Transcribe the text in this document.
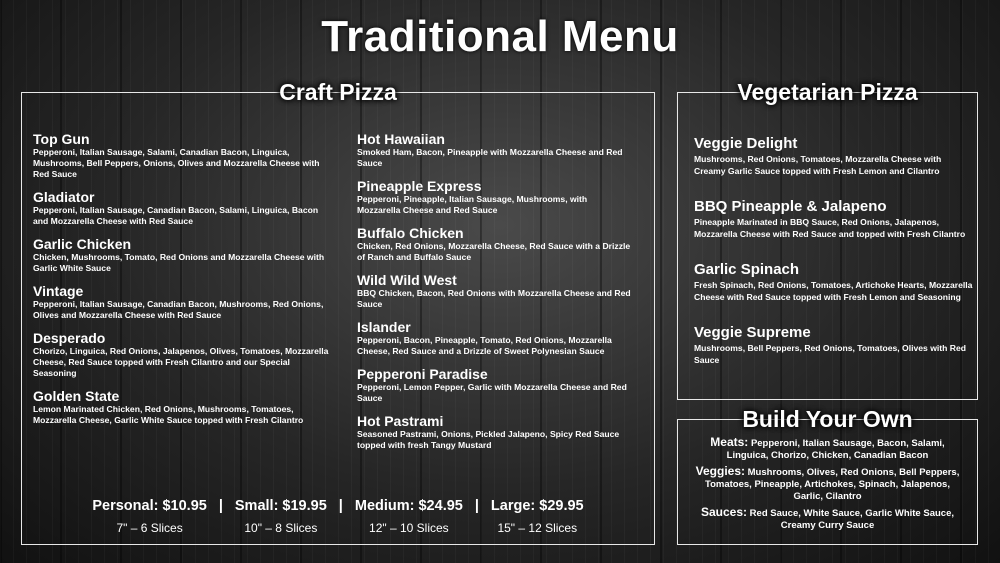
Traditional Menu
Craft Pizza
Top Gun
Pepperoni, Italian Sausage, Salami, Canadian Bacon, Linguica, Mushrooms, Bell Peppers, Onions, Olives and Mozzarella Cheese with Red Sauce
Gladiator
Pepperoni, Italian Sausage, Canadian Bacon, Salami, Linguica, Bacon and Mozzarella Cheese with Red Sauce
Garlic Chicken
Chicken, Mushrooms, Tomato, Red Onions and Mozzarella Cheese with Garlic White Sauce
Vintage
Pepperoni, Italian Sausage, Canadian Bacon, Mushrooms, Red Onions, Olives and Mozzarella Cheese with Red Sauce
Desperado
Chorizo, Linguica, Red Onions, Jalapenos, Olives, Tomatoes, Mozzarella Cheese, Red Sauce topped with Fresh Cilantro and our Special Seasoning
Golden State
Lemon Marinated Chicken, Red Onions, Mushrooms, Tomatoes, Mozzarella Cheese, Garlic White Sauce topped with Fresh Cilantro
Hot Hawaiian
Smoked Ham, Bacon, Pineapple with Mozzarella Cheese and Red Sauce
Pineapple Express
Pepperoni, Pineapple, Italian Sausage, Mushrooms, with Mozzarella Cheese and Red Sauce
Buffalo Chicken
Chicken, Red Onions, Mozzarella Cheese, Red Sauce with a Drizzle of Ranch and Buffalo Sauce
Wild Wild West
BBQ Chicken, Bacon, Red Onions with Mozzarella Cheese and Red Sauce
Islander
Pepperoni, Bacon, Pineapple, Tomato, Red Onions, Mozzarella Cheese, Red Sauce and a Drizzle of Sweet Polynesian Sauce
Pepperoni Paradise
Pepperoni, Lemon Pepper, Garlic with Mozzarella Cheese and Red Sauce
Hot Pastrami
Seasoned Pastrami, Onions, Pickled Jalapeno, Spicy Red Sauce topped with fresh Tangy Mustard
Personal: $10.95
7" – 6 Slices
| Small: $19.95
10" – 8 Slices
| Medium: $24.95
12" – 10 Slices
| Large: $29.95
15" – 12 Slices
Vegetarian Pizza
Veggie Delight
Mushrooms, Red Onions, Tomatoes, Mozzarella Cheese with Creamy Garlic Sauce topped with Fresh Lemon and Cilantro
BBQ Pineapple & Jalapeno
Pineapple Marinated in BBQ Sauce, Red Onions, Jalapenos, Mozzarella Cheese with Red Sauce and topped with Fresh Cilantro
Garlic Spinach
Fresh Spinach, Red Onions, Tomatoes, Artichoke Hearts, Mozzarella Cheese with Red Sauce topped with Fresh Lemon and Seasoning
Veggie Supreme
Mushrooms, Bell Peppers, Red Onions, Tomatoes, Olives with Red Sauce
Build Your Own
Meats: Pepperoni, Italian Sausage, Bacon, Salami, Linguica, Chorizo, Chicken, Canadian Bacon
Veggies: Mushrooms, Olives, Red Onions, Bell Peppers, Tomatoes, Pineapple, Artichokes, Spinach, Jalapenos, Garlic, Cilantro
Sauces: Red Sauce, White Sauce, Garlic White Sauce, Creamy Curry Sauce
